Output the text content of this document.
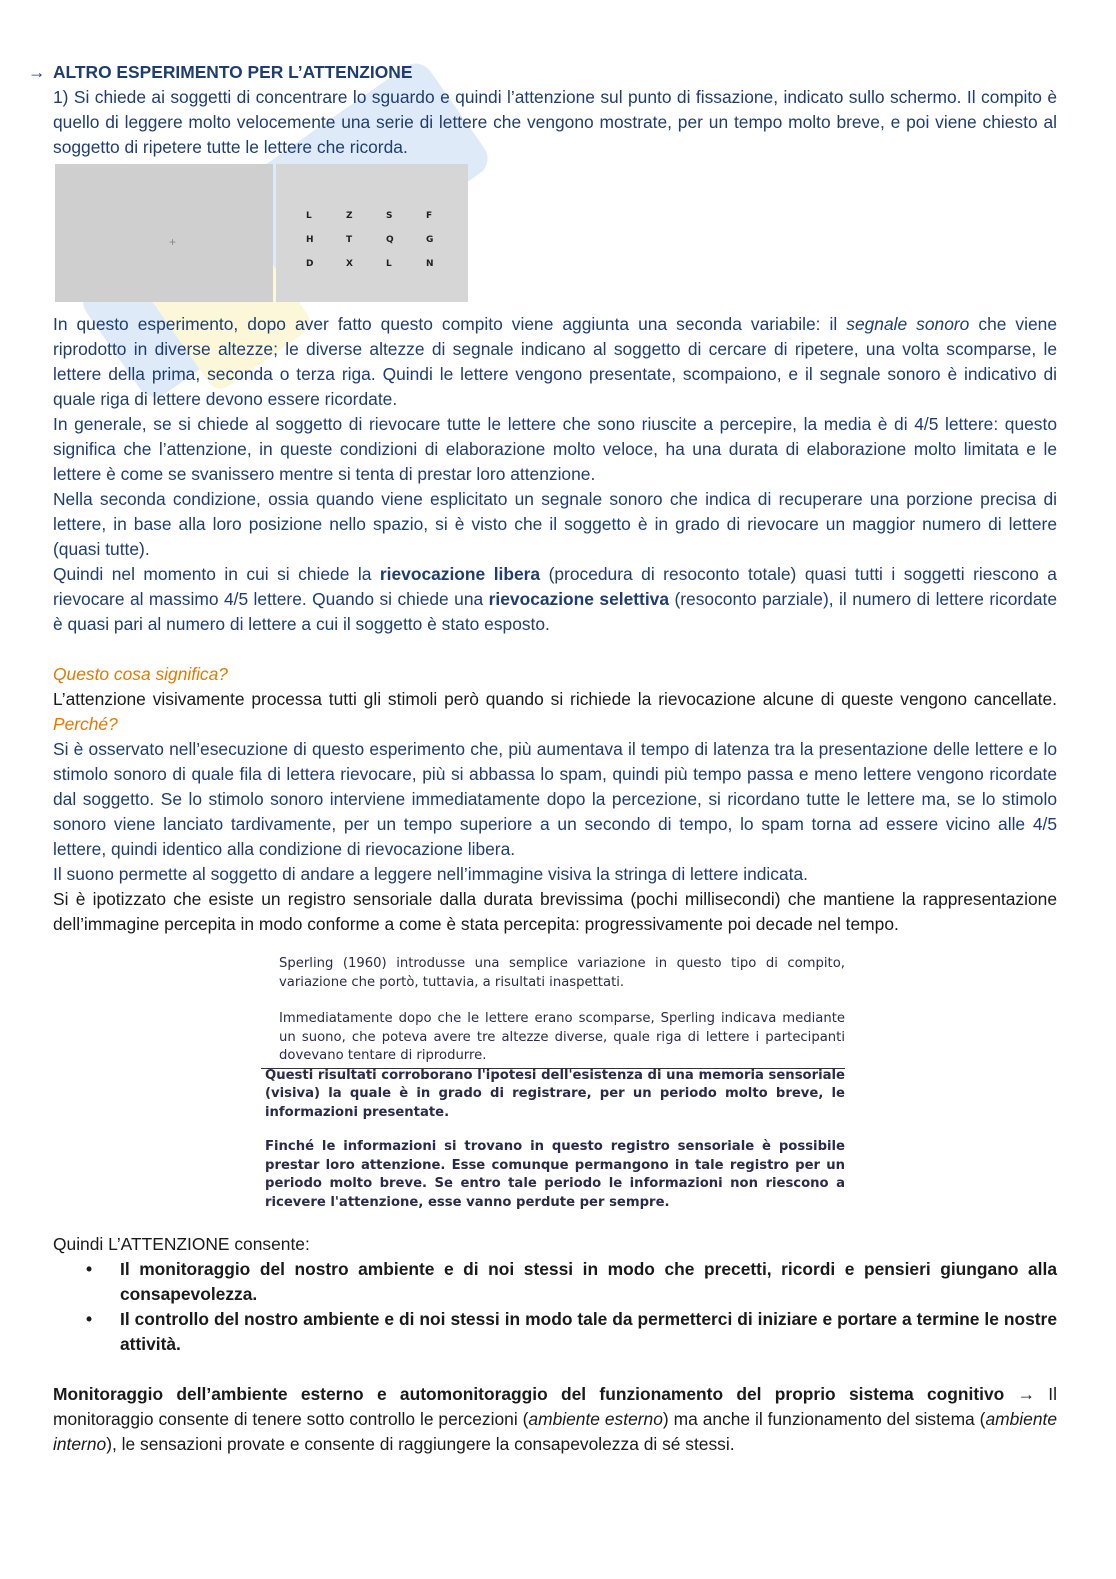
→ ALTRO ESPERIMENTO PER L’ATTENZIONE

1) Si chiede ai soggetti di concentrare lo sguardo e quindi l’attenzione sul punto di fissazione, indicato sullo schermo. Il compito è quello di leggere molto velocemente una serie di lettere che vengono mostrate, per un tempo molto breve, e poi viene chiesto al soggetto di ripetere tutte le lettere che ricorda.

+
L	Z	S	F
H	T	Q	G
D	X	L	N

In questo esperimento, dopo aver fatto questo compito viene aggiunta una seconda variabile: il segnale sonoro che viene riprodotto in diverse altezze; le diverse altezze di segnale indicano al soggetto di cercare di ripetere, una volta scomparse, le lettere della prima, seconda o terza riga. Quindi le lettere vengono presentate, scompaiono, e il segnale sonoro è indicativo di quale riga di lettere devono essere ricordate.

In generale, se si chiede al soggetto di rievocare tutte le lettere che sono riuscite a percepire, la media è di 4/5 lettere: questo significa che l’attenzione, in queste condizioni di elaborazione molto veloce, ha una durata di elaborazione molto limitata e le lettere è come se svanissero mentre si tenta di prestar loro attenzione.

Nella seconda condizione, ossia quando viene esplicitato un segnale sonoro che indica di recuperare una porzione precisa di lettere, in base alla loro posizione nello spazio, si è visto che il soggetto è in grado di rievocare un maggior numero di lettere (quasi tutte).

Quindi nel momento in cui si chiede la rievocazione libera (procedura di resoconto totale) quasi tutti i soggetti riescono a rievocare al massimo 4/5 lettere. Quando si chiede una rievocazione selettiva (resoconto parziale), il numero di lettere ricordate è quasi pari al numero di lettere a cui il soggetto è stato esposto.

Questo cosa significa?

L’attenzione visivamente processa tutti gli stimoli però quando si richiede la rievocazione alcune di queste vengono cancellate. Perché?

Si è osservato nell’esecuzione di questo esperimento che, più aumentava il tempo di latenza tra la presentazione delle lettere e lo stimolo sonoro di quale fila di lettera rievocare, più si abbassa lo spam, quindi più tempo passa e meno lettere vengono ricordate dal soggetto. Se lo stimolo sonoro interviene immediatamente dopo la percezione, si ricordano tutte le lettere ma, se lo stimolo sonoro viene lanciato tardivamente, per un tempo superiore a un secondo di tempo, lo spam torna ad essere vicino alle 4/5 lettere, quindi identico alla condizione di rievocazione libera.

Il suono permette al soggetto di andare a leggere nell’immagine visiva la stringa di lettere indicata.

Si è ipotizzato che esiste un registro sensoriale dalla durata brevissima (pochi millisecondi) che mantiene la rappresentazione dell’immagine percepita in modo conforme a come è stata percepita: progressivamente poi decade nel tempo.

Sperling (1960) introdusse una semplice variazione in questo tipo di compito, variazione che portò, tuttavia, a risultati inaspettati.

Immediatamente dopo che le lettere erano scomparse, Sperling indicava mediante un suono, che poteva avere tre altezze diverse, quale riga di lettere i partecipanti dovevano tentare di riprodurre.

Questi risultati corroborano l'ipotesi dell'esistenza di una memoria sensoriale (visiva) la quale è in grado di registrare, per un periodo molto breve, le informazioni presentate.

Finché le informazioni si trovano in questo registro sensoriale è possibile prestar loro attenzione. Esse comunque permangono in tale registro per un periodo molto breve. Se entro tale periodo le informazioni non riescono a ricevere l'attenzione, esse vanno perdute per sempre.

Quindi L’ATTENZIONE consente:

• Il monitoraggio del nostro ambiente e di noi stessi in modo che precetti, ricordi e pensieri giungano alla consapevolezza.
• Il controllo del nostro ambiente e di noi stessi in modo tale da permetterci di iniziare e portare a termine le nostre attività.

Monitoraggio dell’ambiente esterno e automonitoraggio del funzionamento del proprio sistema cognitivo → Il monitoraggio consente di tenere sotto controllo le percezioni (ambiente esterno) ma anche il funzionamento del sistema (ambiente interno), le sensazioni provate e consente di raggiungere la consapevolezza di sé stessi.
